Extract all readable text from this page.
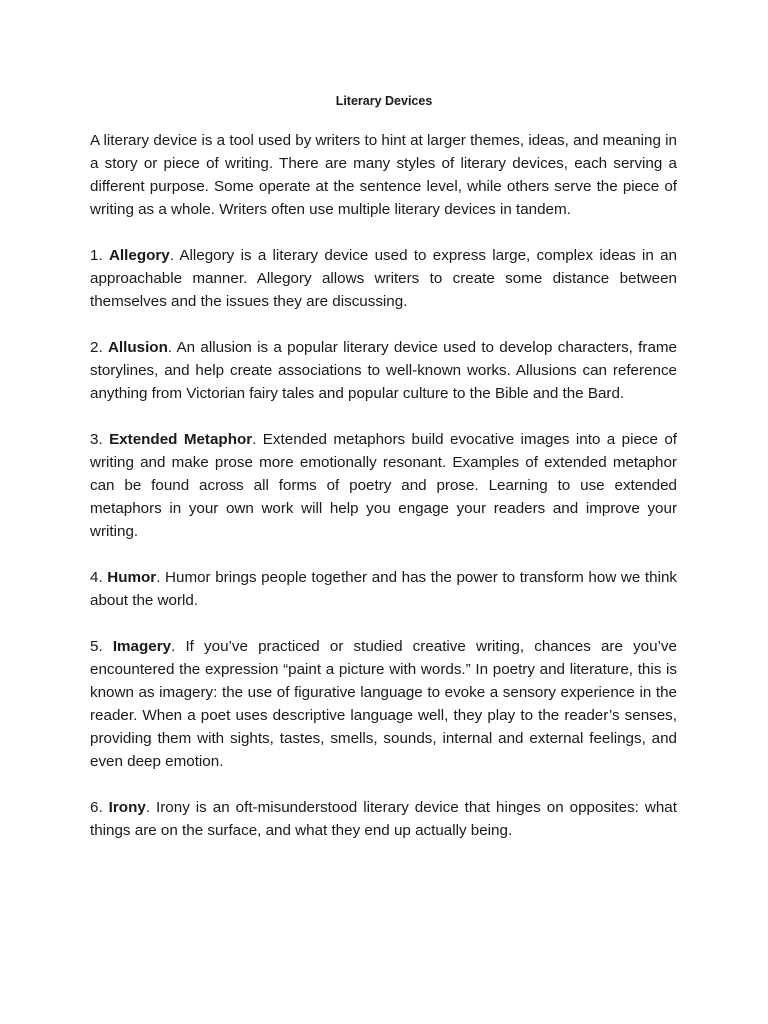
Literary Devices

A literary device is a tool used by writers to hint at larger themes, ideas, and meaning in a story or piece of writing. There are many styles of literary devices, each serving a different purpose. Some operate at the sentence level, while others serve the piece of writing as a whole. Writers often use multiple literary devices in tandem.

1. Allegory. Allegory is a literary device used to express large, complex ideas in an approachable manner. Allegory allows writers to create some distance between themselves and the issues they are discussing.

2. Allusion. An allusion is a popular literary device used to develop characters, frame storylines, and help create associations to well-known works. Allusions can reference anything from Victorian fairy tales and popular culture to the Bible and the Bard.

3. Extended Metaphor. Extended metaphors build evocative images into a piece of writing and make prose more emotionally resonant. Examples of extended metaphor can be found across all forms of poetry and prose. Learning to use extended metaphors in your own work will help you engage your readers and improve your writing.

4. Humor. Humor brings people together and has the power to transform how we think about the world.

5. Imagery. If you’ve practiced or studied creative writing, chances are you’ve encountered the expression “paint a picture with words.” In poetry and literature, this is known as imagery: the use of figurative language to evoke a sensory experience in the reader. When a poet uses descriptive language well, they play to the reader’s senses, providing them with sights, tastes, smells, sounds, internal and external feelings, and even deep emotion.

6. Irony. Irony is an oft-misunderstood literary device that hinges on opposites: what things are on the surface, and what they end up actually being.
